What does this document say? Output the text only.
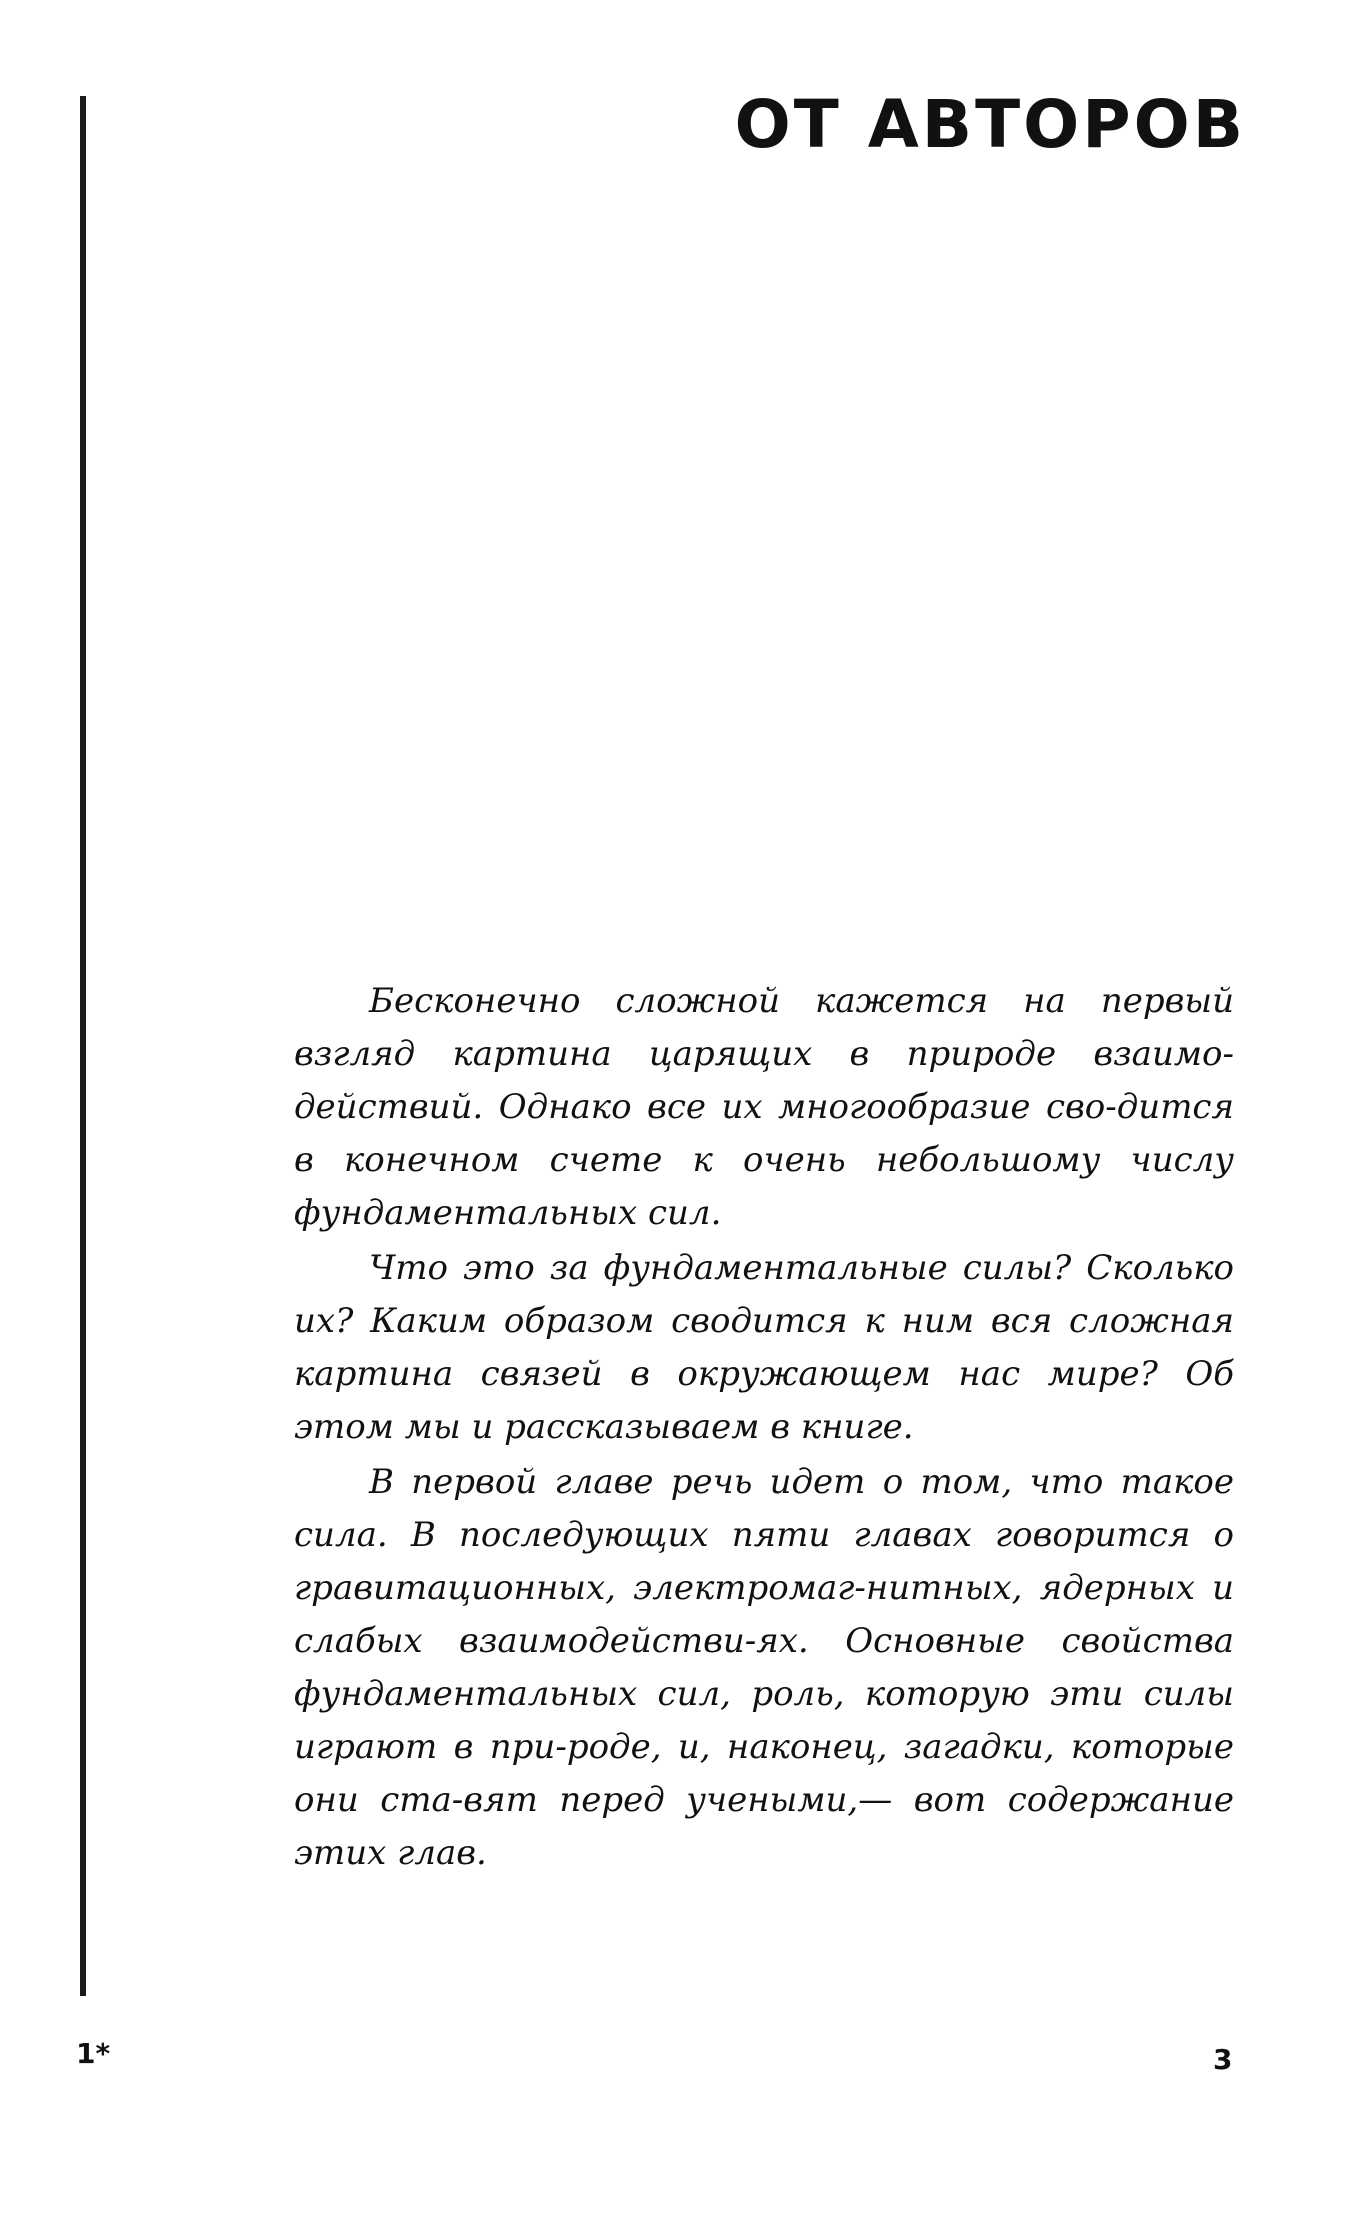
ОТ АВТОРОВ

Бесконечно сложной кажется на первый взгляд картина царящих в природе взаимо-действий. Однако все их многообразие сво-дится в конечном счете к очень небольшому числу фундаментальных сил.

Что это за фундаментальные силы? Сколько их? Каким образом сводится к ним вся сложная картина связей в окружающем нас мире? Об этом мы и рассказываем в книге.

В первой главе речь идет о том, что такое сила. В последующих пяти главах говорится о гравитационных, электромаг-нитных, ядерных и слабых взаимодействи-ях. Основные свойства фундаментальных сил, роль, которую эти силы играют в при-роде, и, наконец, загадки, которые они ста-вят перед учеными,— вот содержание этих глав.

1*	3
